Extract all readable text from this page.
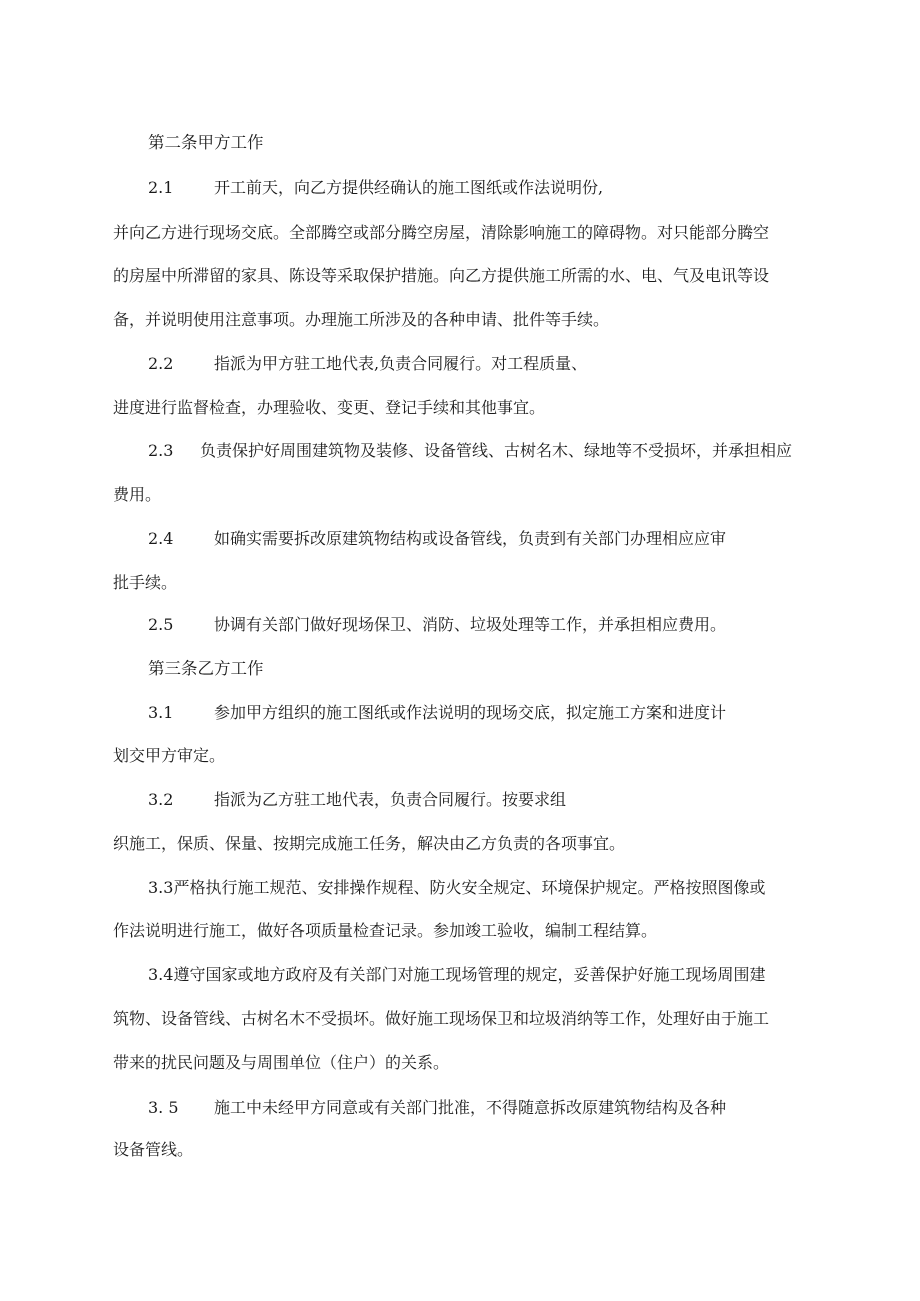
第二条甲方工作
2.1	开工前天，向乙方提供经确认的施工图纸或作法说明份,
并向乙方进行现场交底。全部腾空或部分腾空房屋，清除影响施工的障碍物。对只能部分腾空
的房屋中所滞留的家具、陈设等采取保护措施。向乙方提供施工所需的水、电、气及电讯等设
备，并说明使用注意事项。办理施工所涉及的各种申请、批件等手续。
2.2	指派为甲方驻工地代表,负责合同履行。对工程质量、
进度进行监督检查，办理验收、变更、登记手续和其他事宜。
2.3 负责保护好周围建筑物及装修、设备管线、古树名木、绿地等不受损坏，并承担相应
费用。
2.4	如确实需要拆改原建筑物结构或设备管线，负责到有关部门办理相应应审
批手续。
2.5	协调有关部门做好现场保卫、消防、垃圾处理等工作，并承担相应费用。
第三条乙方工作
3.1	参加甲方组织的施工图纸或作法说明的现场交底，拟定施工方案和进度计
划交甲方审定。
3.2	指派为乙方驻工地代表，负责合同履行。按要求组
织施工，保质、保量、按期完成施工任务，解决由乙方负责的各项事宜。
3.3严格执行施工规范、安排操作规程、防火安全规定、环境保护规定。严格按照图像或
作法说明进行施工，做好各项质量检查记录。参加竣工验收，编制工程结算。
3.4遵守国家或地方政府及有关部门对施工现场管理的规定，妥善保护好施工现场周围建
筑物、设备管线、古树名木不受损坏。做好施工现场保卫和垃圾消纳等工作，处理好由于施工
带来的扰民问题及与周围单位（住户）的关系。
3. 5 施工中未经甲方同意或有关部门批准，不得随意拆改原建筑物结构及各种
设备管线。
